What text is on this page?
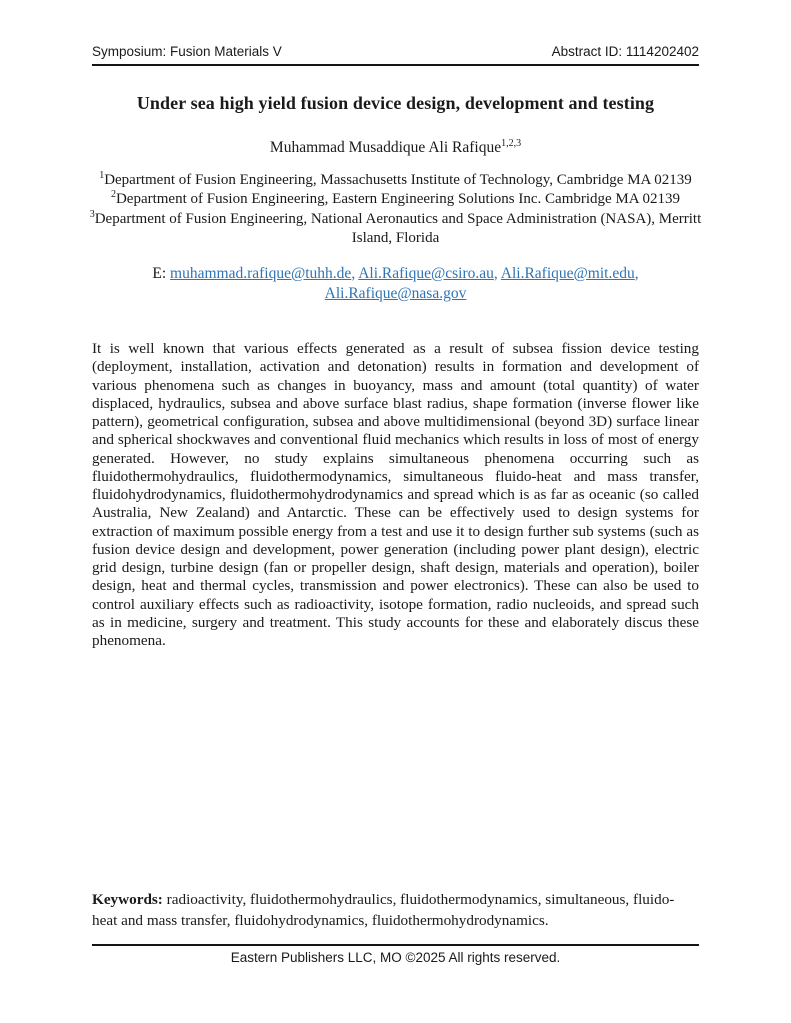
Symposium: Fusion Materials V	Abstract ID: 1114202402
Under sea high yield fusion device design, development and testing
Muhammad Musaddique Ali Rafique$^{1,2,3}$
$^1$Department of Fusion Engineering, Massachusetts Institute of Technology, Cambridge MA 02139
$^2$Department of Fusion Engineering, Eastern Engineering Solutions Inc. Cambridge MA 02139
$^3$Department of Fusion Engineering, National Aeronautics and Space Administration (NASA), Merritt Island, Florida
E: muhammad.rafique@tuhh.de, Ali.Rafique@csiro.au, Ali.Rafique@mit.edu, Ali.Rafique@nasa.gov

It is well known that various effects generated as a result of subsea fission device testing (deployment, installation, activation and detonation) results in formation and development of various phenomena such as changes in buoyancy, mass and amount (total quantity) of water displaced, hydraulics, subsea and above surface blast radius, shape formation (inverse flower like pattern), geometrical configuration, subsea and above multidimensional (beyond 3D) surface linear and spherical shockwaves and conventional fluid mechanics which results in loss of most of energy generated. However, no study explains simultaneous phenomena occurring such as fluidothermohydraulics, fluidothermodynamics, simultaneous fluido-heat and mass transfer, fluidohydrodynamics, fluidothermohydrodynamics and spread which is as far as oceanic (so called Australia, New Zealand) and Antarctic. These can be effectively used to design systems for extraction of maximum possible energy from a test and use it to design further sub systems (such as fusion device design and development, power generation (including power plant design), electric grid design, turbine design (fan or propeller design, shaft design, materials and operation), boiler design, heat and thermal cycles, transmission and power electronics). These can also be used to control auxiliary effects such as radioactivity, isotope formation, radio nucleoids, and spread such as in medicine, surgery and treatment. This study accounts for these and elaborately discus these phenomena.

Keywords: radioactivity, fluidothermohydraulics, fluidothermodynamics, simultaneous, fluido-heat and mass transfer, fluidohydrodynamics, fluidothermohydrodynamics.

Eastern Publishers LLC, MO ©2025 All rights reserved.
